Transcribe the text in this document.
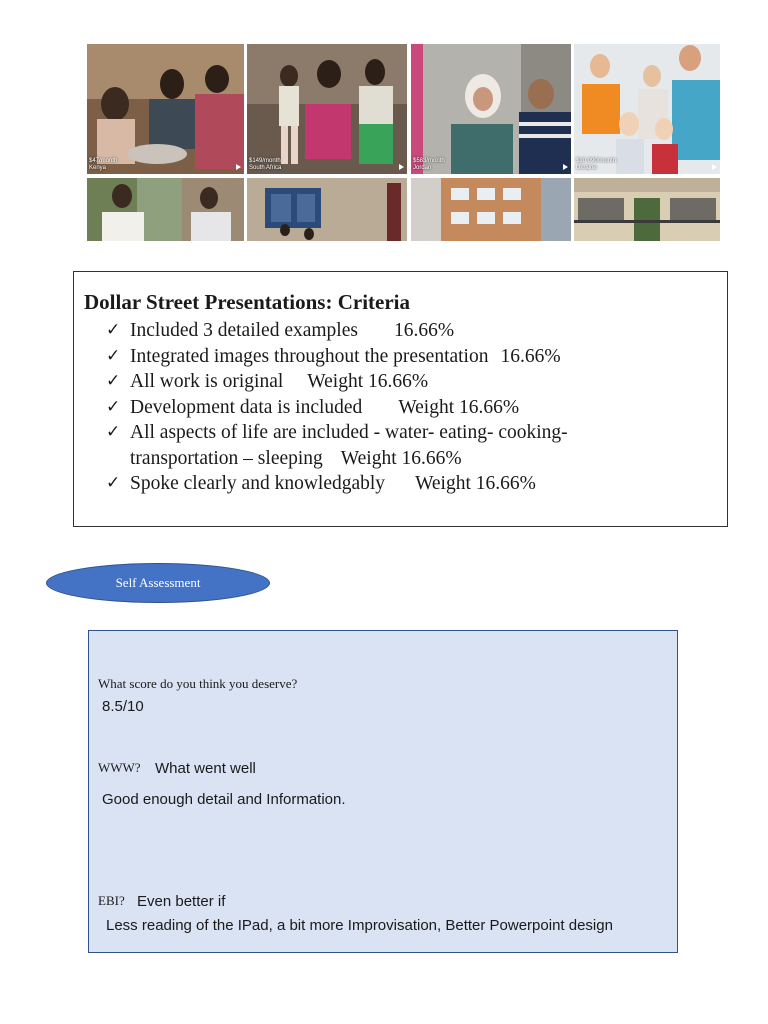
$47/month
Kenya
$149/month
South Africa
$583/month
Jordan
$10,090/month
Ukraine
Dollar Street Presentations: Criteria
✓ Included 3 detailed examples 16.66%
✓ Integrated images throughout the presentation 16.66%
✓ All work is original Weight 16.66%
✓ Development data is included Weight 16.66%
✓ All aspects of life are included - water- eating- cooking-
transportation – sleeping Weight 16.66%
✓ Spoke clearly and knowledgably Weight 16.66%
Self Assessment
What score do you think you deserve?
8.5/10
WWW? What went well
Good enough detail and Information.
EBI? Even better if
Less reading of the IPad, a bit more Improvisation, Better Powerpoint design
